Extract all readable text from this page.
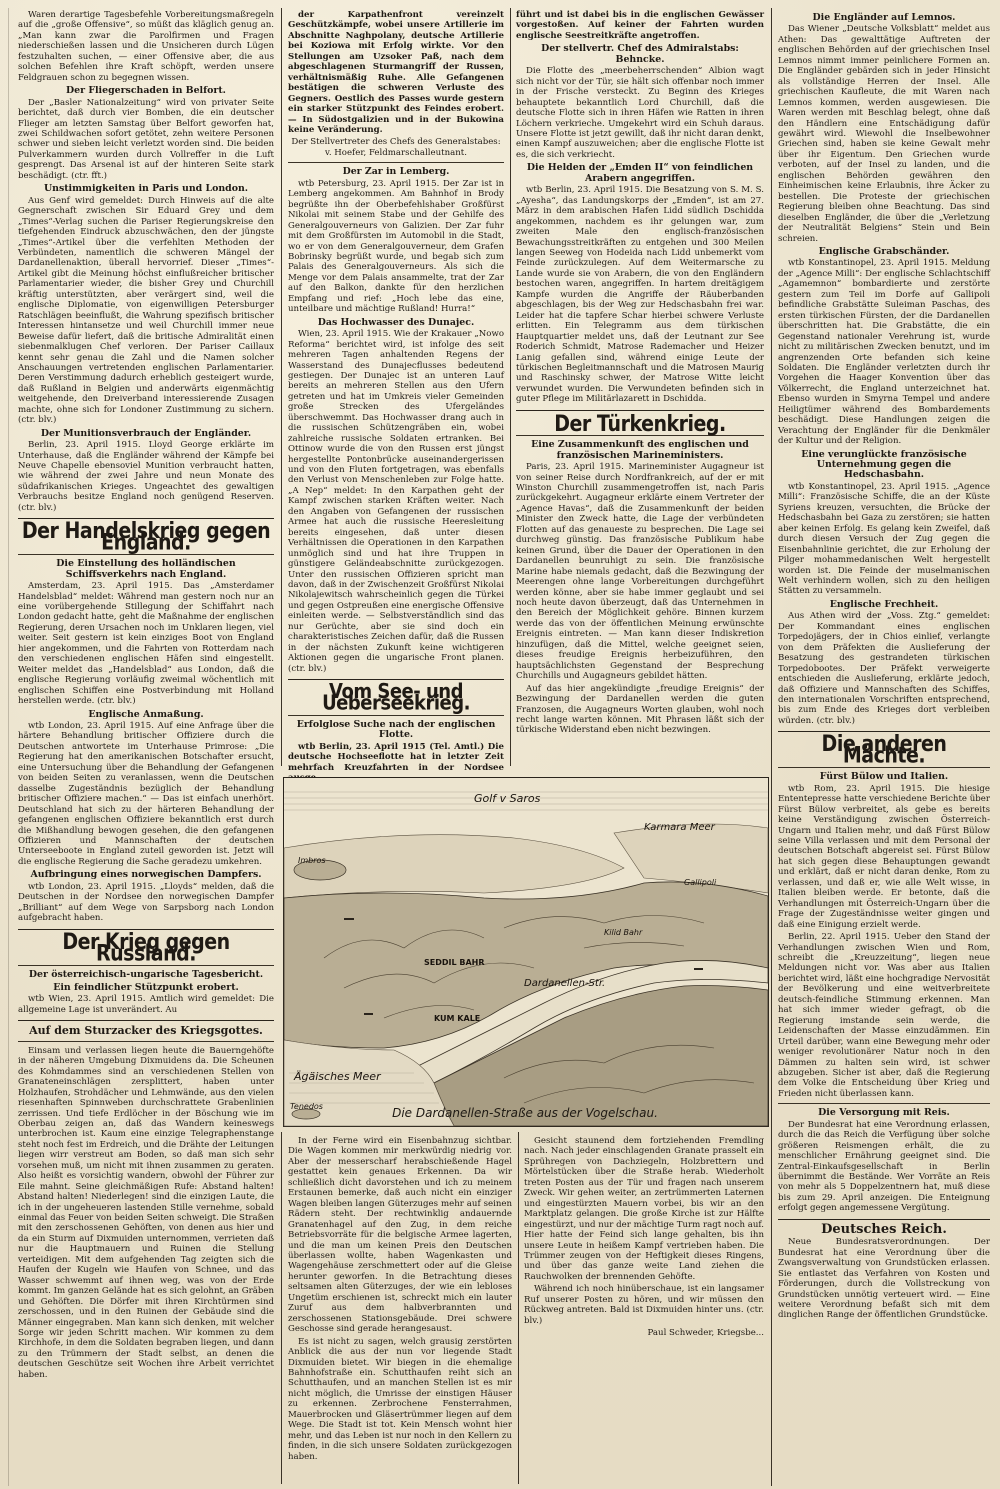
Waren derartige Tagesbefehle Vorbereitungsmaßregeln auf die „große Offensive“, so müßt das kläglich genug an. „Man kann zwar die Parolfirmen und Fragen niederschießen lassen und die Unsicheren durch Lügen festzuhalten suchen, — einer Offensive aber, die aus solchen Befehlen ihre Kraft schöpft, werden unsere Feldgrauen schon zu begegnen wissen.

Der Fliegerschaden in Belfort.

Der „Basler Nationalzeitung“ wird von privater Seite berichtet, daß durch vier Bomben, die ein deutscher Flieger am letzten Samstag über Belfort geworfen hat, zwei Schildwachen sofort getötet, zehn weitere Personen schwer und sieben leicht verletzt worden sind. Die beiden Pulverkammern wurden durch Vollreffer in die Luft gesprengt. Das Arsenal ist auf der hinteren Seite stark beschädigt. (ctr. fft.)

Unstimmigkeiten in Paris und London.

Aus Genf wird gemeldet: Durch Hinweis auf die alte Gegnerschaft zwischen Sir Eduard Grey und dem „Times“-Verlag suchen die Pariser Regierungskreise den tiefgehenden Eindruck abzuschwächen, den der jüngste „Times“-Artikel über die verfehlten Methoden der Verbündeten, namentlich die schweren Mängel der Dardanellenaktion, überall hervorrief. Dieser „Times“-Artikel gibt die Meinung höchst einflußreicher britischer Parlamentarier wieder, die bisher Grey und Churchill kräftig unterstützten, aber verärgert sind, weil die englische Diplomatie, von eigenwilligen Petersburger Ratschlägen beeinflußt, die Wahrung spezifisch britischer Interessen hintansetze und weil Churchill immer neue Beweise dafür liefert, daß die britische Admiralität einen siebenmalklugen Chef verloren. Der Pariser Caillaux kennt sehr genau die Zahl und die Namen solcher Anschauungen vertretenden englischen Parlamentarier. Deren Verstimmung dadurch erheblich gesteigert wurde, daß Rußland in Belgien und anderwärts eigenmächtig weitgehende, den Dreiverband interessierende Zusagen machte, ohne sich for Londoner Zustimmung zu sichern. (ctr. blv.)

Der Munitionsverbrauch der Engländer.

Berlin, 23. April 1915. Lloyd George erklärte im Unterhause, daß die Engländer während der Kämpfe bei Neuve Chapelle ebensoviel Munition verbraucht hatten, wie während der zwei Jahre und neun Monate des südafrikanischen Krieges. Ungeachtet des gewaltigen Verbrauchs besitze England noch genügend Reserven. (ctr. blv.)

Der Handelskrieg gegen England.
Die Einstellung des holländischen Schiffsverkehrs nach England.

Amsterdam, 23. April 1915. Das „Amsterdamer Handelsblad“ meldet: Während man gestern noch nur an eine vorübergehende Stillegung der Schiffahrt nach London gedacht hatte, geht die Maßnahme der englischen Regierung, deren Ursachen noch im Unklaren liegen, viel weiter. Seit gestern ist kein einziges Boot von England hier angekommen, und die Fahrten von Rotterdam nach den verschiedenen englischen Häfen sind eingestellt. Weiter meldet das „Handelsblad“ aus London, daß die englische Regierung vorläufig zweimal wöchentlich mit englischen Schiffen eine Postverbindung mit Holland herstellen werde. (ctr. blv.)

Englische Anmaßung.

wtb London, 23. April 1915. Auf eine Anfrage über die härtere Behandlung britischer Offiziere durch die Deutschen antwortete im Unterhause Primrose: „Die Regierung hat den amerikanischen Botschafter ersucht, eine Untersuchung über die Behandlung der Gefangenen von beiden Seiten zu veranlassen, wenn die Deutschen dasselbe Zugeständnis bezüglich der Behandlung britischer Offiziere machen.“ — Das ist einfach unerhört. Deutschland hat sich zu der härteren Behandlung der gefangenen englischen Offiziere bekanntlich erst durch die Mißhandlung bewogen gesehen, die den gefangenen Offizieren und Mannschaften der deutschen Unterseeboote in England zuteil geworden ist. Jetzt will die englische Regierung die Sache geradezu umkehren.

Aufbringung eines norwegischen Dampfers.

wtb London, 23. April 1915. „Lloyds“ melden, daß die Deutschen in der Nordsee den norwegischen Dampfer „Brilliant“ auf dem Wege von Sarpsborg nach London aufgebracht haben.

Der Krieg gegen Russland.
Der österreichisch-ungarische Tagesbericht.
Ein feindlicher Stützpunkt erobert.

wtb Wien, 23. April 1915. Amtlich wird gemeldet: Die allgemeine Lage ist unverändert. Au

Auf dem Sturzacker des Kriegsgottes.

Einsam und verlassen liegen heute die Bauerngehöfte in der näheren Umgebung Dixmuidens da. Die Scheunen des Kohmdammes sind an verschiedenen Stellen von Granateneinschlägen zersplittert, haben unter Holzhaufen, Strohdächer und Lehmwände, aus den vielen riesenhaften Spinnweben durchschrattete Grabenlinien zerrissen. Und tiefe Erdlöcher in der Böschung wie im Oberbau zeigen an, daß das Wandern keineswegs unterbrochen ist. Kaum eine einzige Telegraphenstange steht noch fest im Erdreich, und die Drähte der Leitungen liegen wirr verstreut am Boden, so daß man sich sehr vorsehen muß, um nicht mit ihnen zusammen zu geraten. Also heißt es vorsichtig wandern, obwohl der Führer zur Eile mahnt. Seine gleichmäßigen Rufe: Abstand halten! Abstand halten! Niederlegen! sind die einzigen Laute, die ich in der ungeheueren lastenden Stille vernehme, sobald einmal das Feuer von beiden Seiten schweigt. Die Straßen mit den zerschossenen Gehöften, von denen aus hier und da ein Sturm auf Dixmuiden unternommen, verrieten daß nur die Hauptmauern und Ruinen die Stellung verteidigen. Mit dem aufgehenden Tag zeigten sich die Haufen der Kugeln wie Haufen von Schnee, und das Wasser schwemmt auf ihnen weg, was von der Erde kommt. Im ganzen Gelände hat es sich gelohnt, an Gräben und Gehöften. Die Dörfer mit ihren Kirchtürmen sind zerschossen, und in den Ruinen der Gebäude sind die Männer eingegraben. Man kann sich denken, mit welcher Sorge wir jeden Schritt machen. Wir kommen zu dem Kirchhofe, in dem die Soldaten begraben liegen, und dann zu den Trümmern der Stadt selbst, an denen die deutschen Geschütze seit Wochen ihre Arbeit verrichtet haben.

der Karpathenfront vereinzelt Geschützkämpfe, wobei unsere Artillerie im Abschnitte Naghpolany, deutsche Artillerie bei Koziowa mit Erfolg wirkte. Vor den Stellungen am Uzsoker Paß, nach dem abgeschlagenen Sturmangriff der Russen, verhältnismäßig Ruhe. Alle Gefangenen bestätigen die schweren Verluste des Gegners. Oestlich des Passes wurde gestern ein starker Stützpunkt des Feindes erobert. — In Südostgalizien und in der Bukowina keine Veränderung.

Der Stellvertreter des Chefs des Generalstabes: v. Hoefer, Feldmarschalleutnant.

Der Zar in Lemberg.

wtb Petersburg, 23. April 1915. Der Zar ist in Lemberg angekommen. Am Bahnhof in Brody begrüßte ihn der Oberbefehlshaber Großfürst Nikolai mit seinem Stabe und der Gehilfe des Generalgouverneurs von Galizien. Der Zar fuhr mit dem Großfürsten im Automobil in die Stadt, wo er von dem Generalgouverneur, dem Grafen Bobrinsky begrüßt wurde, und begab sich zum Palais des Generalgouverneurs. Als sich die Menge vor dem Palais ansammelte, trat der Zar auf den Balkon, dankte für den herzlichen Empfang und rief: „Hoch lebe das eine, unteilbare und mächtige Rußland! Hurra!“

Das Hochwasser des Dunajec.

Wien, 23. April 1915. Wie der Krakauer „Nowo Reforma“ berichtet wird, ist infolge des seit mehreren Tagen anhaltenden Regens der Wasserstand des Dunajecflusses bedeutend gestiegen. Der Dunajec ist an unteren Lauf bereits an mehreren Stellen aus den Ufern getreten und hat im Umkreis vieler Gemeinden große Strecken des Ufergeländes überschwemmt. Das Hochwasser drang auch in die russischen Schützengräben ein, wobei zahlreiche russische Soldaten ertranken. Bei Ottinow wurde die von den Russen erst jüngst hergestellte Pontonbrücke auseinandergerissen und von den Fluten fortgetragen, was ebenfalls den Verlust von Menschenleben zur Folge hatte. „A Nep“ meldet: In den Karpathen geht der Kampf zwischen starken Kräften weiter. Nach den Angaben von Gefangenen der russischen Armee hat auch die russische Heeresleitung bereits eingesehen, daß unter diesen Verhältnissen die Operationen in den Karpathen unmöglich sind und hat ihre Truppen in günstigere Geländeabschnitte zurückgezogen. Unter den russischen Offizieren spricht man davon, daß in der Zwischenzeit Großfürst Nikolai Nikolajewitsch wahrscheinlich gegen die Türkei und gegen Ostpreußen eine energische Offensive einleiten werde. — Selbstverständlich sind das nur Gerüchte, aber sie sind doch ein charakteristisches Zeichen dafür, daß die Russen in der nächsten Zukunft keine wichtigeren Aktionen gegen die ungarische Front planen. (ctr. blv.)

Vom See- und Ueberseekrieg.
Erfolglose Suche nach der englischen Flotte.

wtb Berlin, 23. April 1915 (Tel. Amtl.) Die deutsche Hochseeflotte hat in letzter Zeit mehrfach Kreuzfahrten in der Nordsee

führt und ist dabei bis in die englischen Gewässer vorgestoßen. Auf keiner der Fahrten wurden englische Seestreitkräfte angetroffen.

Der stellvertr. Chef des Admiralstabs: Behncke.

Die Flotte des „meerbeherrschenden“ Albion wagt sich nicht vor der Tür, sie hält sich offenbar noch immer in der Frische versteckt. Zu Beginn des Krieges behauptete bekanntlich Lord Churchill, daß die deutsche Flotte sich in ihren Häfen wie Ratten in ihren Löchern verkrieche. Umgekehrt wird ein Schuh daraus. Unsere Flotte ist jetzt gewillt, daß ihr nicht daran denkt, einen Kampf auszuweichen; aber die englische Flotte ist es, die sich verkriecht.

Die Helden der „Emden II“ von feindlichen Arabern angegriffen.

wtb Berlin, 23. April 1915. Die Besatzung von S. M. S. „Ayesha“, das Landungskorps der „Emden“, ist am 27. März in dem arabischen Hafen Lidd südlich Dschidda angekommen, nachdem es ihr gelungen war, zum zweiten Male den englisch-französischen Bewachungsstreitkräften zu entgehen und 300 Meilen langen Seeweg von Hodeida nach Lidd unbemerkt vom Feinde zurückzulegen. Auf dem Weitermarsche zu Lande wurde sie von Arabern, die von den Engländern bestochen waren, angegriffen. In hartem dreitägigem Kampfe wurden die Angriffe der Räuberbanden abgeschlagen, bis der Weg zur Hedschasbahn frei war. Leider hat die tapfere Schar hierbei schwere Verluste erlitten. Ein Telegramm aus dem türkischen Hauptquartier meldet uns, daß der Leutnant zur See Roderich Schmidt, Matrose Rademacher und Heizer Lanig gefallen sind, während einige Leute der türkischen Begleitmannschaft und die Matrosen Maurig und Raschinsky schwer, der Matrose Witte leicht verwundet wurden. Die Verwundeten befinden sich in guter Pflege im Militärlazarett in Dschidda.

Der Türkenkrieg.
Eine Zusammenkunft des englischen und französischen Marineministers.

Paris, 23. April 1915. Marineminister Augagneur ist von seiner Reise durch Nordfrankreich, auf der er mit Winston Churchill zusammengetroffen ist, nach Paris zurückgekehrt. Augagneur erklärte einem Vertreter der „Agence Havas“, daß die Zusammenkunft der beiden Minister den Zweck hatte, die Lage der verbündeten Flotten auf das genaueste zu besprechen. Die Lage sei durchweg günstig. Das französische Publikum habe keinen Grund, über die Dauer der Operationen in den Dardanellen beunruhigt zu sein. Die französische Marine habe niemals gedacht, daß die Bezwingung der Meerengen ohne lange Vorbereitungen durchgeführt werden könne, aber sie habe immer geglaubt und sei noch heute davon überzeugt, daß das Unternehmen in den Bereich der Möglichkeit gehöre. Binnen kurzem werde das von der öffentlichen Meinung erwünschte Ereignis eintreten. — Man kann dieser Indiskretion hinzufügen, daß die Mittel, welche geeignet seien, dieses freudige Ereignis herbeizuführen, den hauptsächlichsten Gegenstand der Besprechung Churchills und Augagneurs gebildet hätten.

Auf das hier angekündigte „freudige Ereignis“ der Bezwingung der Dardanellen werden die guten Franzosen, die Augagneurs Worten glauben, wohl noch recht lange warten können. Mit Phrasen läßt sich der türkische Widerstand eben nicht bezwingen.

Die Engländer auf Lemnos.

Das Wiener „Deutsche Volksblatt“ meldet aus Athen: Das gewalttätige Auftreten der englischen Behörden auf der griechischen Insel Lemnos nimmt immer peinlichere Formen an. Die Engländer gebärden sich in jeder Hinsicht als vollständige Herren der Insel. Alle griechischen Kaufleute, die mit Waren nach Lemnos kommen, werden ausgewiesen. Die Waren werden mit Beschlag belegt, ohne daß den Händlern eine Entschädigung dafür gewährt wird. Wiewohl die Inselbewohner Griechen sind, haben sie keine Gewalt mehr über ihr Eigentum. Den Griechen wurde verboten, auf der Insel zu landen, und die englischen Behörden gewähren den Einheimischen keine Erlaubnis, ihre Äcker zu bestellen. Die Proteste der griechischen Regierung bleiben ohne Beachtung. Das sind dieselben Engländer, die über die „Verletzung der Neutralität Belgiens“ Stein und Bein schreien.

Englische Grabschänder.

wtb Konstantinopel, 23. April 1915. Meldung der „Agence Milli“: Der englische Schlachtschiff „Agamemnon“ bombardierte und zerstörte gestern zum Teil im Dorfe auf Gallipoli befindliche Grabstätte Suleiman Paschas, des ersten türkischen Fürsten, der die Dardanellen überschritten hat. Die Grabstätte, die ein Gegenstand nationaler Verehrung ist, wurde nicht zu militärischen Zwecken benutzt, und im angrenzenden Orte befanden sich keine Soldaten. Die Engländer verletzten durch ihr Vorgehen die Haager Konvention über das Völkerrecht, die England unterzeichnet hat. Ebenso wurden in Smyrna Tempel und andere Heiligtümer während des Bombardements beschädigt. Diese Handlungen zeigen die Verachtung der Engländer für die Denkmäler der Kultur und der Religion.

Eine verunglückte französische Unternehmung gegen die Hedschasbahn.

wtb Konstantinopel, 23. April 1915. „Agence Milli“: Französische Schiffe, die an der Küste Syriens kreuzen, versuchten, die Brücke der Hedschasbahn bei Gaza zu zerstören; sie hatten aber keinen Erfolg. Es gelang kein Zweifel, daß durch diesen Versuch der Zug gegen die Eisenbahnlinie gerichtet, die zur Erholung der Pilger mohammedanischen Welt hergestellt worden ist. Die Feinde der muselmanischen Welt verhindern wollen, sich zu den heiligen Stätten zu versammeln.

Englische Frechheit.

Aus Athen wird der „Voss. Ztg.“ gemeldet: Der Kommandant eines englischen Torpedojägers, der in Chios einlief, verlangte von dem Präfekten die Auslieferung der Besatzung des gestrandeten türkischen Torpedobootes. Der Präfekt verweigerte entschieden die Auslieferung, erklärte jedoch, daß Offiziere und Mannschaften des Schiffes, den internationalen Vorschriften entsprechend, bis zum Ende des Krieges dort verbleiben würden. (ctr. blv.)

Die anderen Mächte.
Fürst Bülow und Italien.

wtb Rom, 23. April 1915. Die hiesige Ententepresse hatte verschiedene Berichte über Fürst Bülow verbreitet, als gebe es bereits keine Verständigung zwischen Österreich-Ungarn und Italien mehr, und daß Fürst Bülow seine Villa verlassen und mit dem Personal der deutschen Botschaft abgereist sei. Fürst Bülow hat sich gegen diese Behauptungen gewandt und erklärt, daß er nicht daran denke, Rom zu verlassen, und daß er, wie alle Welt wisse, in Italien bleiben werde. Er betonte, daß die Verhandlungen mit Österreich-Ungarn über die Frage der Zugeständnisse weiter gingen und daß eine Einigung erzielt werde.

Berlin, 22. April 1915. Ueber den Stand der Verhandlungen zwischen Wien und Rom, schreibt die „Kreuzzeitung“, liegen neue Meldungen nicht vor. Was aber aus Italien berichtet wird, läßt eine hochgradige Nervosität der Bevölkerung und eine weitverbreitete deutsch-feindliche Stimmung erkennen. Man hat sich immer wieder gefragt, ob die Regierung imstande sein werde, die Leidenschaften der Masse einzudämmen. Ein Urteil darüber, wann eine Bewegung mehr oder weniger revolutionärer Natur noch in den Dämmen zu halten sein wird, ist schwer abzugeben. Sicher ist aber, daß die Regierung dem Volke die Entscheidung über Krieg und Frieden nicht überlassen kann.

Die Versorgung mit Reis.

Der Bundesrat hat eine Verordnung erlassen, durch die das Reich die Verfügung über solche größeren Reismengen erhält, die zu menschlicher Ernährung geeignet sind. Die Zentral-Einkaufsgesellschaft in Berlin übernimmt die Bestände. Wer Vorräte an Reis von mehr als 5 Doppelzentnern hat, muß diese bis zum 29. April anzeigen. Die Enteignung erfolgt gegen angemessene Vergütung.

Deutsches Reich.

Neue Bundesratsverordnungen. Der Bundesrat hat eine Verordnung über die Zwangsverwaltung von Grundstücken erlassen. Sie entlastet das Verfahren von Kosten und Förderungen, durch die Vollstreckung von Grundstücken unnötig verteuert wird. — Eine weitere Verordnung befaßt sich mit dem dinglichen Range der öffentlichen Grundstücke.

Golf v Saros
Karmara Meer
Kilid Bahr
SEDDIL BAHR
KUM KALE
Ägäisches Meer
Imbros
Dardanellen-Str.
Gallipoli
Tenedos	Die Dardanellen-Straße aus der Vogelschau.

In der Ferne wird ein Eisenbahnzug sichtbar. Die Wagen kommen mir merkwürdig niedrig vor. Aber der messerscharf herabschießende Hagel gestattet kein genaues Erkennen. Da wir schließlich dicht davorstehen und ich zu meinem Erstaunen bemerke, daß auch nicht ein einziger Wagen bleiben langen Güterzuges mehr auf seinen Rädern steht. Der rechtwinklig andauernde Granatenhagel auf den Zug, in dem reiche Betriebsvorräte für die belgische Armee lagerten, und die man um keinen Preis den Deutschen überlassen wollte, haben Wagenkasten und Wagengehäuse zerschmettert oder auf die Gleise herunter geworfen. In die Betrachtung dieses seltsamen alten Güterzuges, der wie ein lebloses Ungetüm erschienen ist, schreckt mich ein lauter Zuruf aus dem halbverbrannten und zerschossenen Stationsgebäude. Drei schwere Geschosse sind gerade herangesaust.

Es ist nicht zu sagen, welch grausig zerstörten Anblick die aus der nun vor liegende Stadt Dixmuiden bietet. Wir biegen in die ehemalige Bahnhofstraße ein. Schutthaufen reiht sich an Schutthaufen, und an manchen Stellen ist es mir nicht möglich, die Umrisse der einstigen Häuser zu erkennen. Zerbrochene Fensterrahmen, Mauerbrocken und Gläsertrümmer liegen auf dem Wege. Die Stadt ist tot. Kein Mensch wohnt hier mehr, und das Leben ist nur noch in den Kellern zu finden, in die sich unsere Soldaten zurückgezogen haben.

Gesicht staunend dem fortziehenden Fremdling nach. Nach jeder einschlagenden Granate prasselt ein Sprühregen von Dachziegeln, Holzbrettern und Mörtelstücken über die Straße herab. Wiederholt treten Posten aus der Tür und fragen nach unserem Zweck. Wir gehen weiter, an zertrümmerten Laternen und eingestürzten Mauern vorbei, bis wir an den Marktplatz gelangen. Die große Kirche ist zur Hälfte eingestürzt, und nur der mächtige Turm ragt noch auf. Hier hatte der Feind sich lange gehalten, bis ihn unsere Leute in heißem Kampf vertrieben haben. Die Trümmer zeugen von der Heftigkeit dieses Ringens, und über das ganze weite Land ziehen die Rauchwolken der brennenden Gehöfte.

Während ich noch hinüberschaue, ist ein langsamer Ruf unserer Posten zu hören, und wir müssen den Rückweg antreten. Bald ist Dixmuiden hinter uns. (ctr. blv.)

Paul Schweder, Kriegsbe...
